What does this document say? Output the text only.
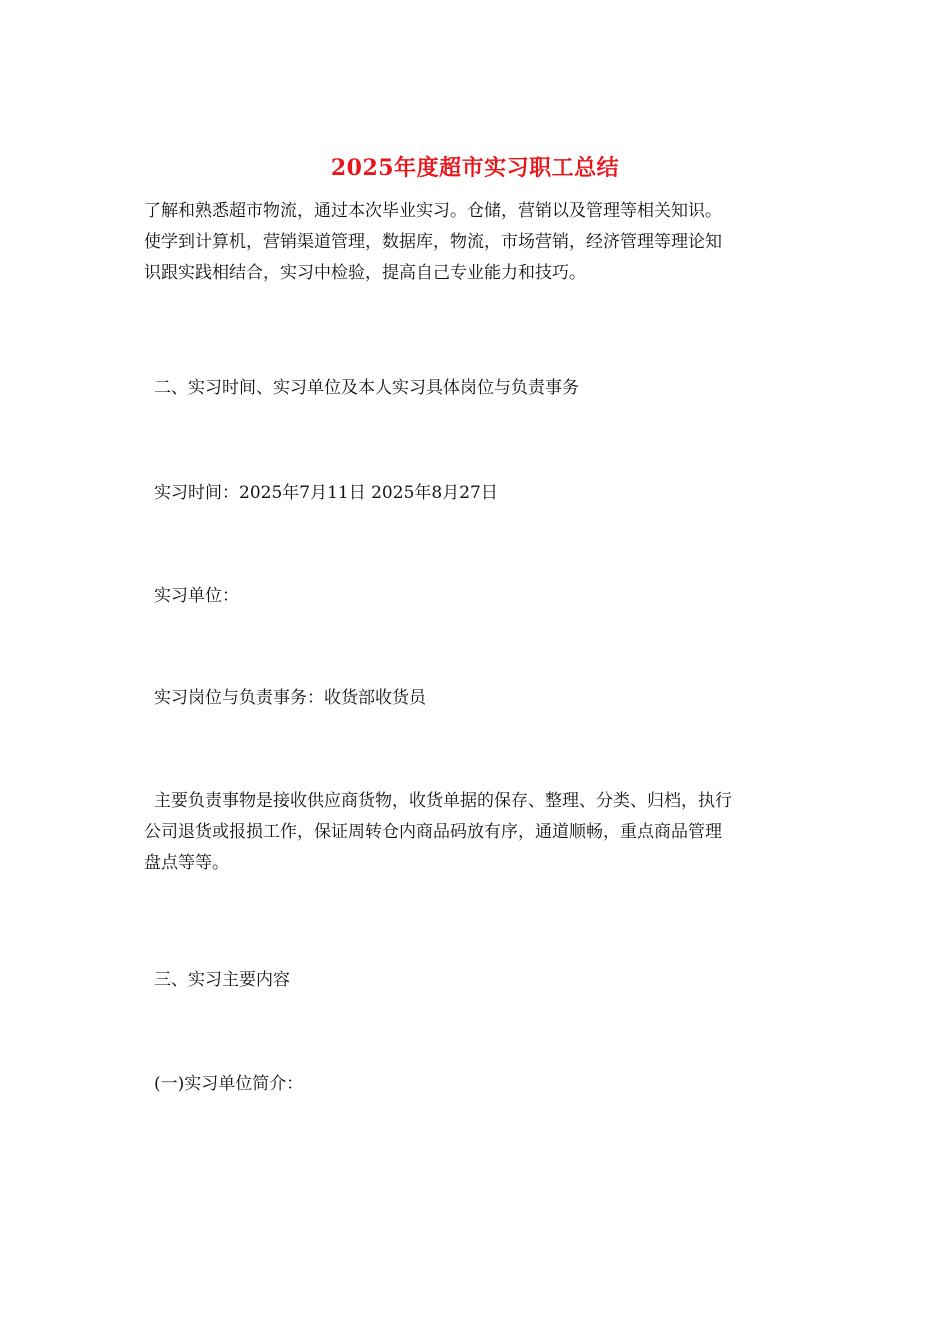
2025年度超市实习职工总结
了解和熟悉超市物流，通过本次毕业实习。仓储，营销以及管理等相关知识。
使学到计算机，营销渠道管理，数据库，物流，市场营销，经济管理等理论知
识跟实践相结合，实习中检验，提高自己专业能力和技巧。
二、实习时间、实习单位及本人实习具体岗位与负责事务
实习时间：2025年7月11日 2025年8月27日
实习单位：
实习岗位与负责事务：收货部收货员
主要负责事物是接收供应商货物，收货单据的保存、整理、分类、归档，执行
公司退货或报损工作，保证周转仓内商品码放有序，通道顺畅，重点商品管理
盘点等等。
三、实习主要内容
(一)实习单位简介：
